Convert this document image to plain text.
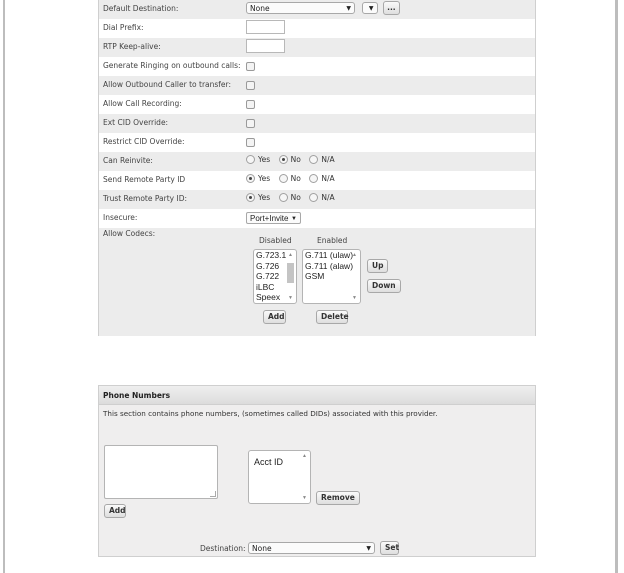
Default Destination:	None	▼
	▼ ...
Dial Prefix:
RTP Keep-alive:
Generate Ringing on outbound calls:
Allow Outbound Caller to transfer:
Allow Call Recording:
Ext CID Override:
Restrict CID Override:
Can Reinvite:	Yes	No	N/A
Send Remote Party ID	Yes	No	N/A
Trust Remote Party ID:	Yes	No	N/A
Insecure:	Port+Invite ▼
Allow Codecs:
Disabled	Enabled
G.723.1
G.726
G.722
iLBC
Speex
▲
▼
G.711 (ulaw)
G.711 (alaw)
GSM
▲
▼
Up
Down
Add	Delete
Phone Numbers
This section contains phone numbers, (sometimes called DIDs) associated with this provider.
Add
Acct ID
▲
▼	Remove
Destination: None	▼	Set
